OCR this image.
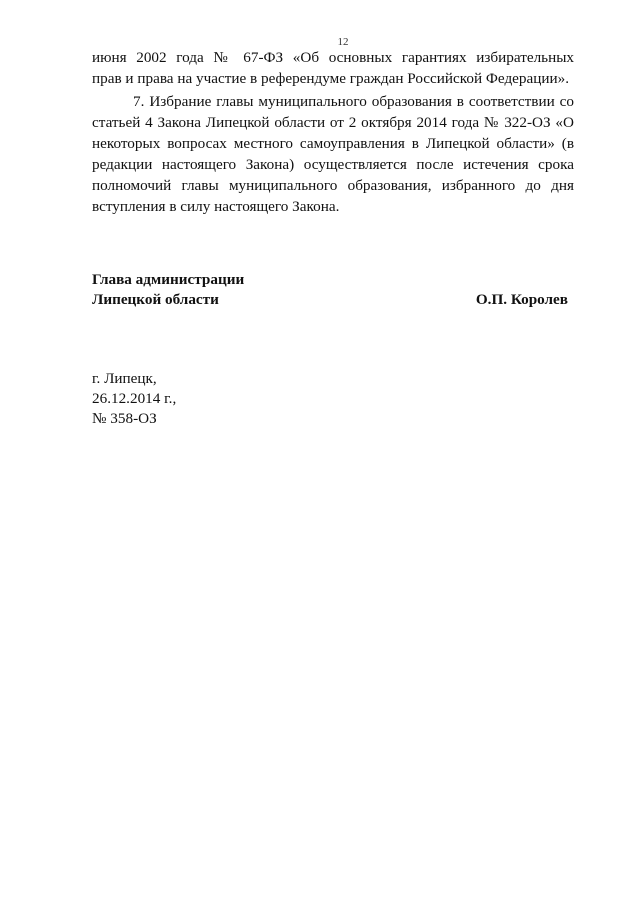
12
июня 2002 года № 67-ФЗ «Об основных гарантиях избирательных
прав и права на участие в референдуме граждан Российской Федерации».
7. Избрание главы муниципального образования в соответствии со
статьей 4 Закона Липецкой области от 2 октября 2014 года № 322-ОЗ «О
некоторых вопросах местного самоуправления в Липецкой области» (в
редакции настоящего Закона) осуществляется после истечения срока
полномочий главы муниципального образования, избранного до дня
вступления в силу настоящего Закона.
Глава администрации
Липецкой области	О.П. Королев
г. Липецк,
26.12.2014 г.,
№ 358-ОЗ
